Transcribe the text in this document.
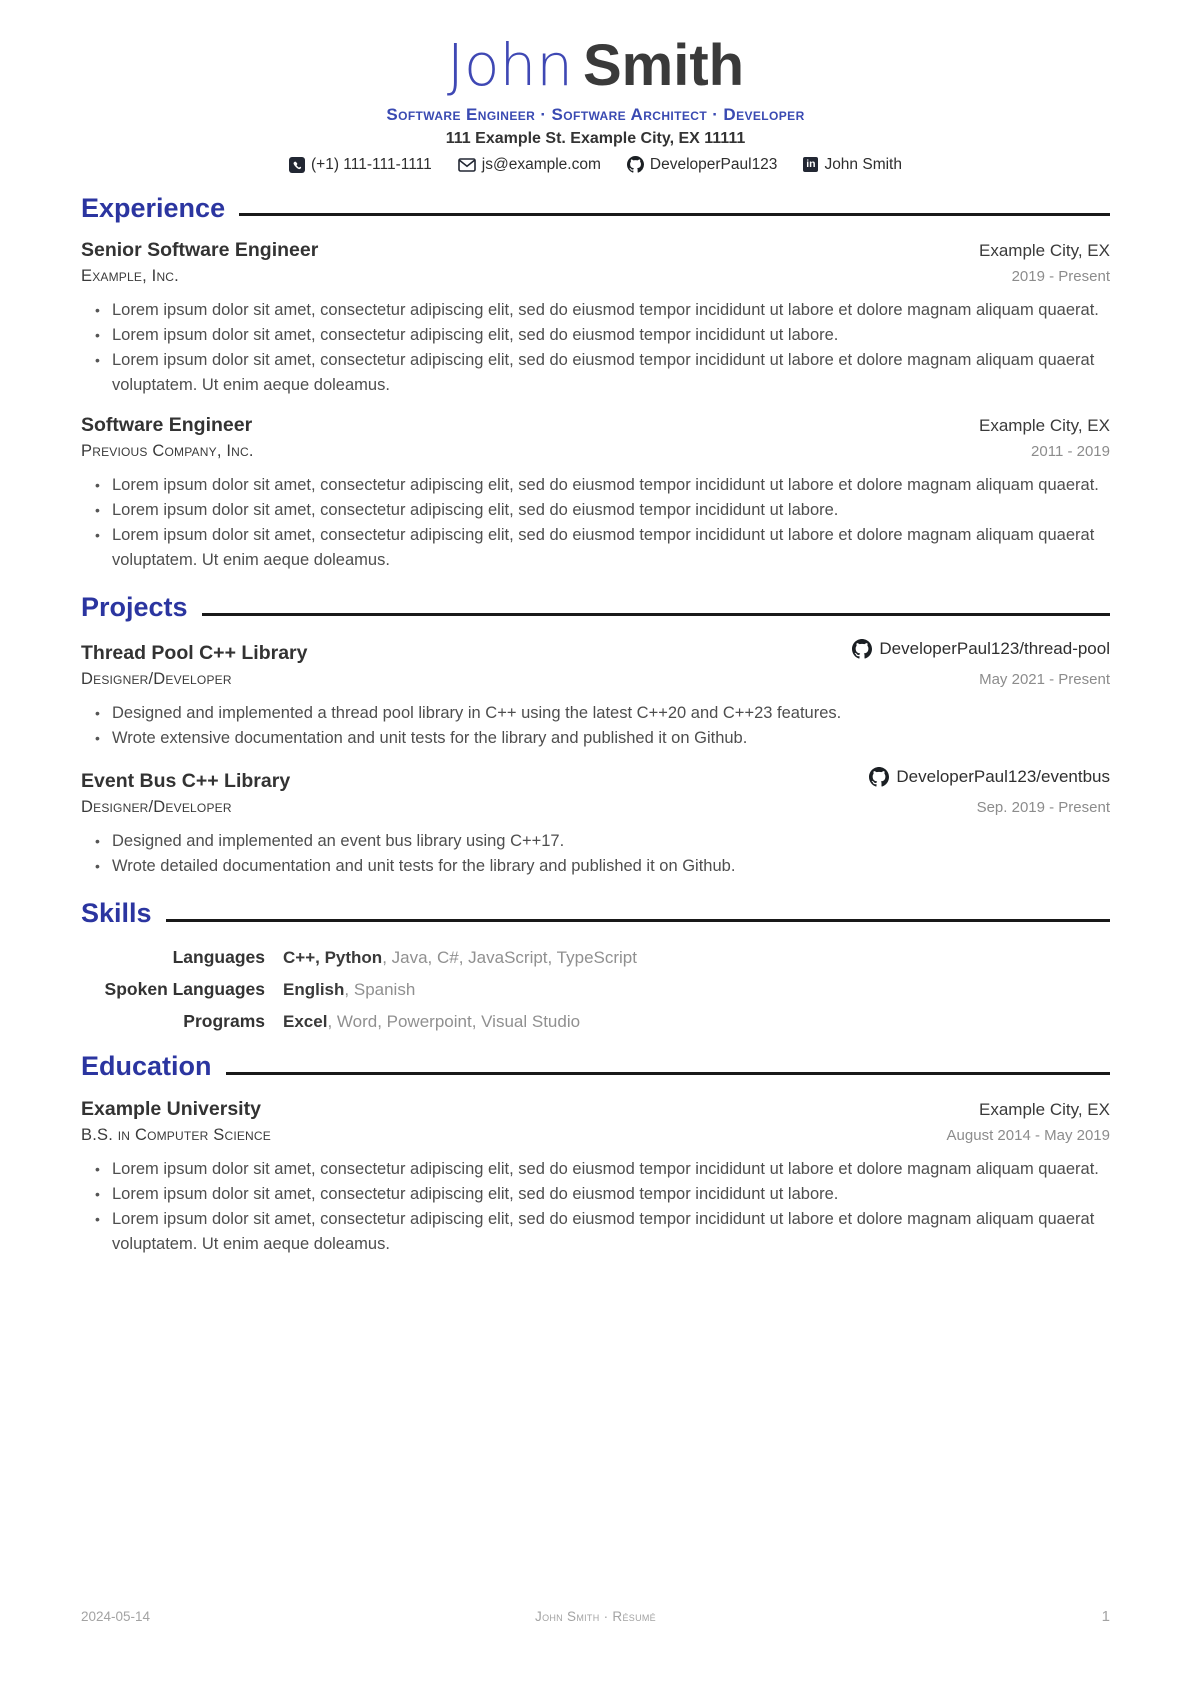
John Smith
Software Engineer · Software Architect · Developer
111 Example St. Example City, EX 11111
(+1) 111-111-1111	js@example.com	DeveloperPaul123	in John Smith
Experience
Senior Software Engineer	Example City, EX
Example, Inc.	2019 - Present
• Lorem ipsum dolor sit amet, consectetur adipiscing elit, sed do eiusmod tempor incididunt ut labore et dolore magnam aliquam quaerat.
• Lorem ipsum dolor sit amet, consectetur adipiscing elit, sed do eiusmod tempor incididunt ut labore.
• Lorem ipsum dolor sit amet, consectetur adipiscing elit, sed do eiusmod tempor incididunt ut labore et dolore magnam aliquam quaerat voluptatem. Ut enim aeque doleamus.
Software Engineer	Example City, EX
Previous Company, Inc.	2011 - 2019
• Lorem ipsum dolor sit amet, consectetur adipiscing elit, sed do eiusmod tempor incididunt ut labore et dolore magnam aliquam quaerat.
• Lorem ipsum dolor sit amet, consectetur adipiscing elit, sed do eiusmod tempor incididunt ut labore.
• Lorem ipsum dolor sit amet, consectetur adipiscing elit, sed do eiusmod tempor incididunt ut labore et dolore magnam aliquam quaerat voluptatem. Ut enim aeque doleamus.
Projects
Thread Pool C++ Library	DeveloperPaul123/thread-pool
Designer/Developer	May 2021 - Present
• Designed and implemented a thread pool library in C++ using the latest C++20 and C++23 features.
• Wrote extensive documentation and unit tests for the library and published it on Github.
Event Bus C++ Library	DeveloperPaul123/eventbus
Designer/Developer	Sep. 2019 - Present
• Designed and implemented an event bus library using C++17.
• Wrote detailed documentation and unit tests for the library and published it on Github.
Skills
Languages C++, Python, Java, C#, JavaScript, TypeScript
Spoken Languages English, Spanish
Programs Excel, Word, Powerpoint, Visual Studio
Education
Example University	Example City, EX
B.S. in Computer Science	August 2014 - May 2019
• Lorem ipsum dolor sit amet, consectetur adipiscing elit, sed do eiusmod tempor incididunt ut labore et dolore magnam aliquam quaerat.
• Lorem ipsum dolor sit amet, consectetur adipiscing elit, sed do eiusmod tempor incididunt ut labore.
• Lorem ipsum dolor sit amet, consectetur adipiscing elit, sed do eiusmod tempor incididunt ut labore et dolore magnam aliquam quaerat voluptatem. Ut enim aeque doleamus.
2024-05-14	John Smith · Résumé	1
